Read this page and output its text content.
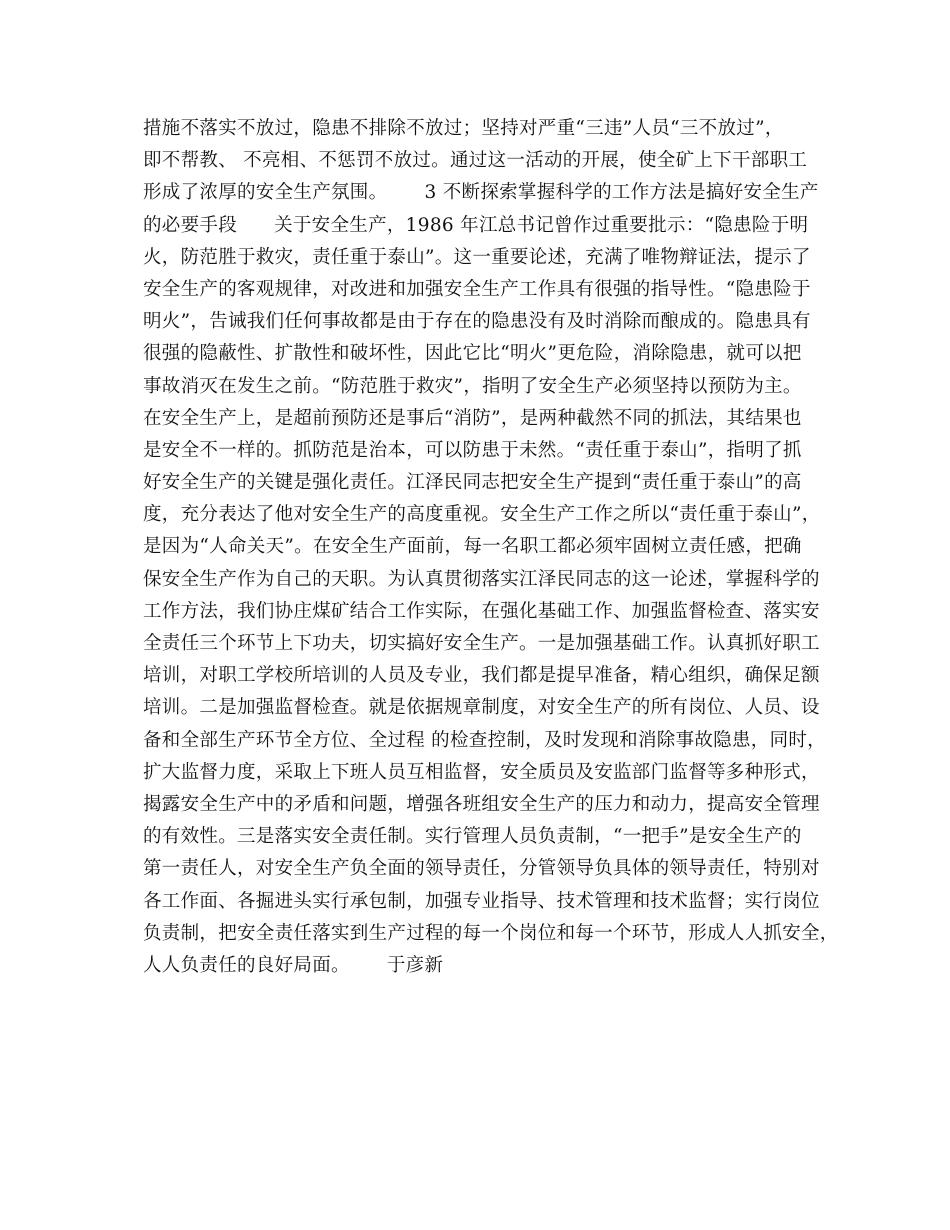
措施不落实不放过，隐患不排除不放过；坚持对严重“三违”人员“三不放过”，
即不帮教、 不亮相、不惩罚不放过。通过这一活动的开展，使全矿上下干部职工
形成了浓厚的安全生产氛围。      3 不断探索掌握科学的工作方法是搞好安全生产
的必要手段      关于安全生产，1986 年江总书记曾作过重要批示：“隐患险于明
火，防范胜于救灾，责任重于泰山”。这一重要论述，充满了唯物辩证法，提示了
安全生产的客观规律，对改进和加强安全生产工作具有很强的指导性。“隐患险于
明火”，告诫我们任何事故都是由于存在的隐患没有及时消除而酿成的。隐患具有
很强的隐蔽性、扩散性和破坏性，因此它比“明火”更危险，消除隐患，就可以把
事故消灭在发生之前。“防范胜于救灾”，指明了安全生产必须坚持以预防为主。
在安全生产上，是超前预防还是事后“消防”，是两种截然不同的抓法，其结果也
是安全不一样的。抓防范是治本，可以防患于未然。“责任重于泰山”，指明了抓
好安全生产的关键是强化责任。江泽民同志把安全生产提到“责任重于泰山”的高
度，充分表达了他对安全生产的高度重视。安全生产工作之所以“责任重于泰山”，
是因为“人命关天”。在安全生产面前，每一名职工都必须牢固树立责任感，把确
保安全生产作为自己的天职。为认真贯彻落实江泽民同志的这一论述，掌握科学的
工作方法，我们协庄煤矿结合工作实际，在强化基础工作、加强监督检查、落实安
全责任三个环节上下功夫，切实搞好安全生产。一是加强基础工作。认真抓好职工
培训，对职工学校所培训的人员及专业，我们都是提早准备，精心组织，确保足额
培训。二是加强监督检查。就是依据规章制度，对安全生产的所有岗位、人员、设
备和全部生产环节全方位、全过程 的检查控制，及时发现和消除事故隐患，同时，
扩大监督力度，采取上下班人员互相监督，安全质员及安监部门监督等多种形式，
揭露安全生产中的矛盾和问题，增强各班组安全生产的压力和动力，提高安全管理
的有效性。三是落实安全责任制。实行管理人员负责制，“一把手”是安全生产的
第一责任人，对安全生产负全面的领导责任，分管领导负具体的领导责任，特别对
各工作面、各掘进头实行承包制，加强专业指导、技术管理和技术监督；实行岗位
负责制，把安全责任落实到生产过程的每一个岗位和每一个环节，形成人人抓安全，
人人负责任的良好局面。      于彦新
